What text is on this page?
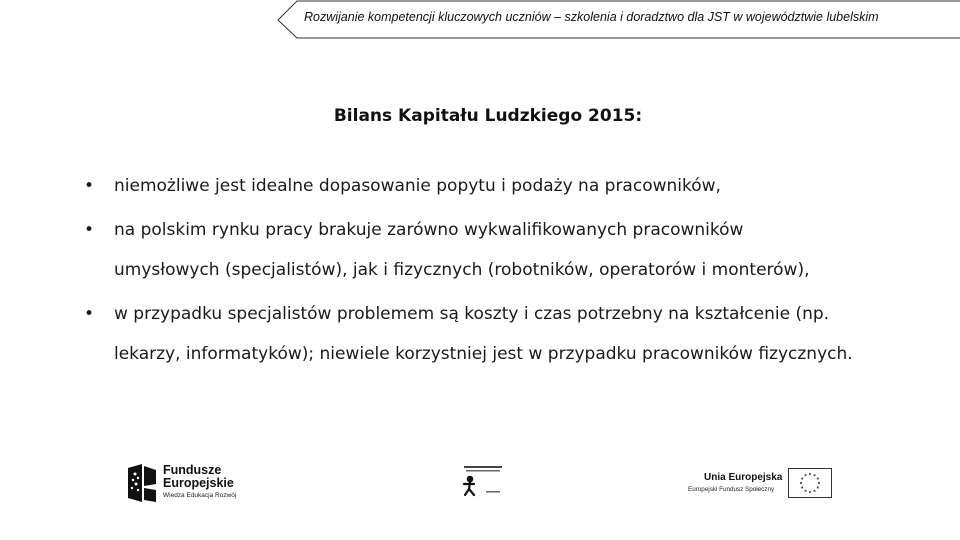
Rozwijanie kompetencji kluczowych uczniów – szkolenia i doradztwo dla JST w województwie lubelskim
Bilans Kapitału Ludzkiego 2015:
• niemożliwe jest idealne dopasowanie popytu i podaży na pracowników,
• na polskim rynku pracy brakuje zarówno wykwalifikowanych pracowników
umysłowych (specjalistów), jak i fizycznych (robotników, operatorów i monterów),
• w przypadku specjalistów problemem są koszty i czas potrzebny na kształcenie (np.
lekarzy, informatyków); niewiele korzystniej jest w przypadku pracowników fizycznych.
Fundusze
Europejskie
Wiedza Edukacja Rozwój
Unia Europejska
Europejski Fundusz Społeczny
